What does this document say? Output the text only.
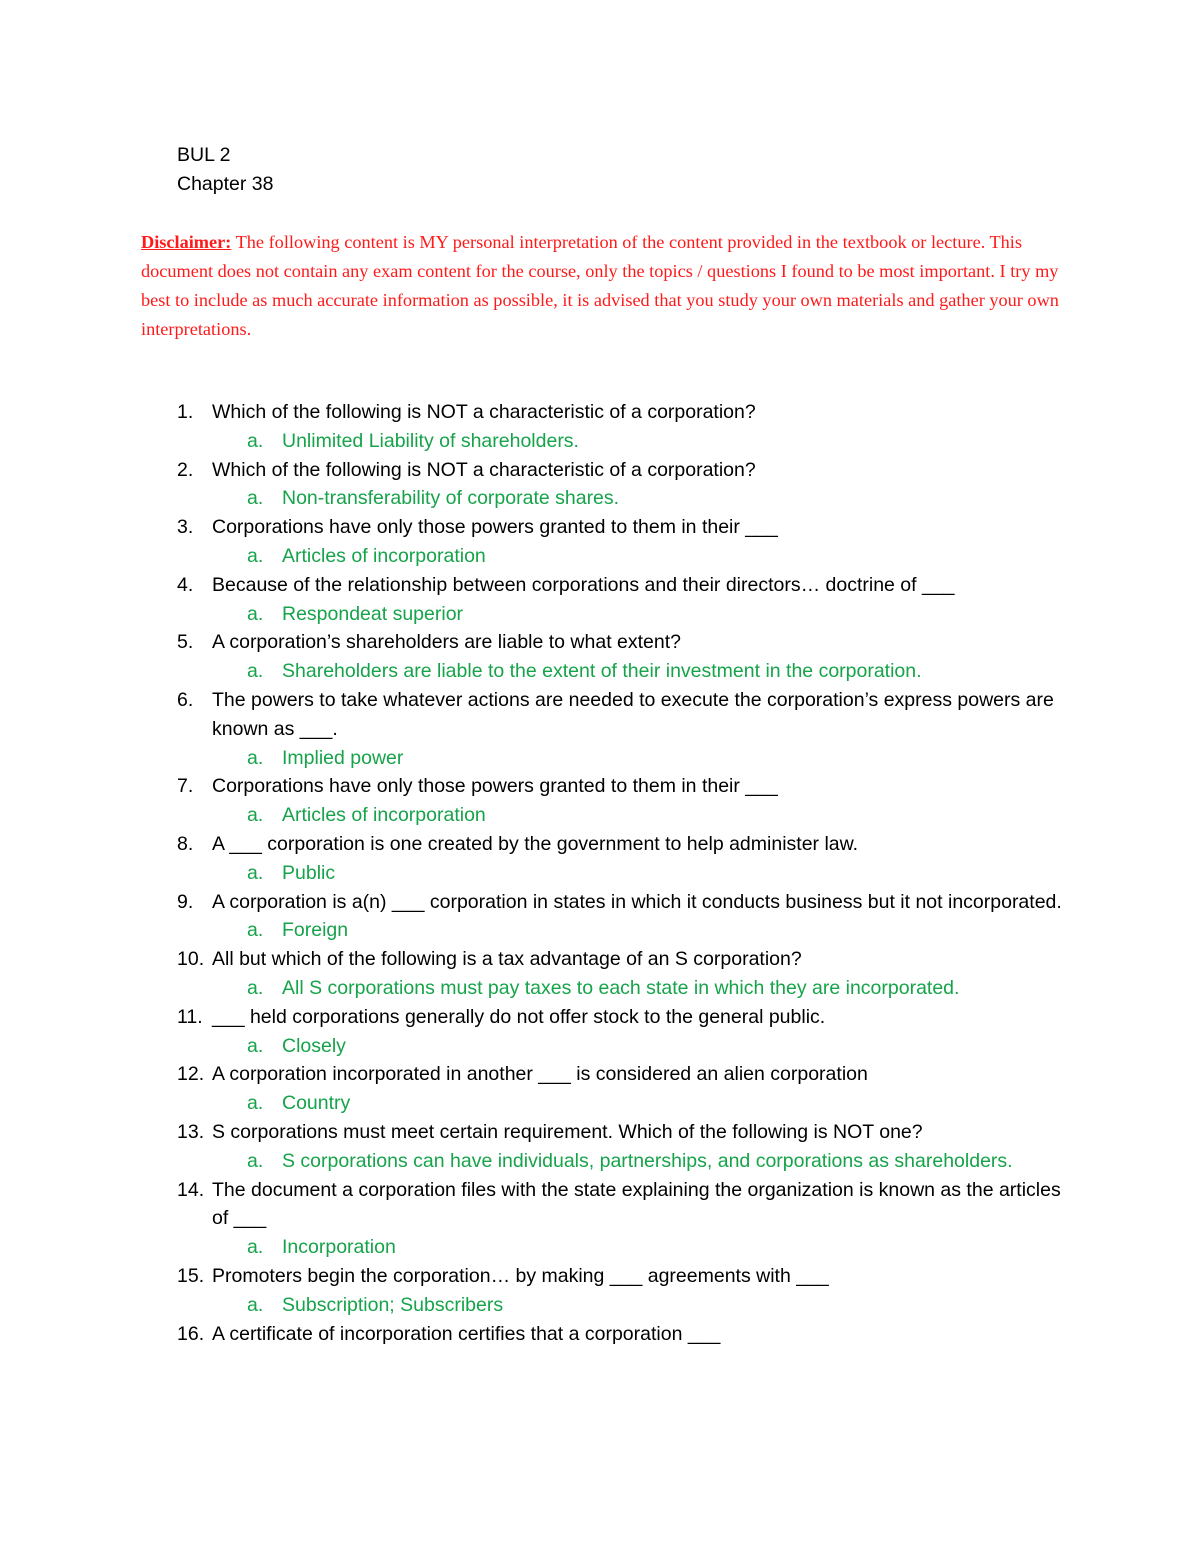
BUL 2
Chapter 38
Disclaimer: The following content is MY personal interpretation of the content provided in the textbook or lecture. This document does not contain any exam content for the course, only the topics / questions I found to be most important. I try my best to include as much accurate information as possible, it is advised that you study your own materials and gather your own interpretations.
1. Which of the following is NOT a characteristic of a corporation?
a. Unlimited Liability of shareholders.
2. Which of the following is NOT a characteristic of a corporation?
a. Non-transferability of corporate shares.
3. Corporations have only those powers granted to them in their ___
a. Articles of incorporation
4. Because of the relationship between corporations and their directors… doctrine of ___
a. Respondeat superior
5. A corporation’s shareholders are liable to what extent?
a. Shareholders are liable to the extent of their investment in the corporation.
6. The powers to take whatever actions are needed to execute the corporation’s express powers are known as ___.
a. Implied power
7. Corporations have only those powers granted to them in their ___
a. Articles of incorporation
8. A ___ corporation is one created by the government to help administer law.
a. Public
9. A corporation is a(n) ___ corporation in states in which it conducts business but it not incorporated.
a. Foreign
10. All but which of the following is a tax advantage of an S corporation?
a. All S corporations must pay taxes to each state in which they are incorporated.
11. ___ held corporations generally do not offer stock to the general public.
a. Closely
12. A corporation incorporated in another ___ is considered an alien corporation
a. Country
13. S corporations must meet certain requirement. Which of the following is NOT one?
a. S corporations can have individuals, partnerships, and corporations as shareholders.
14. The document a corporation files with the state explaining the organization is known as the articles of ___
a. Incorporation
15. Promoters begin the corporation… by making ___ agreements with ___
a. Subscription; Subscribers
16. A certificate of incorporation certifies that a corporation ___
